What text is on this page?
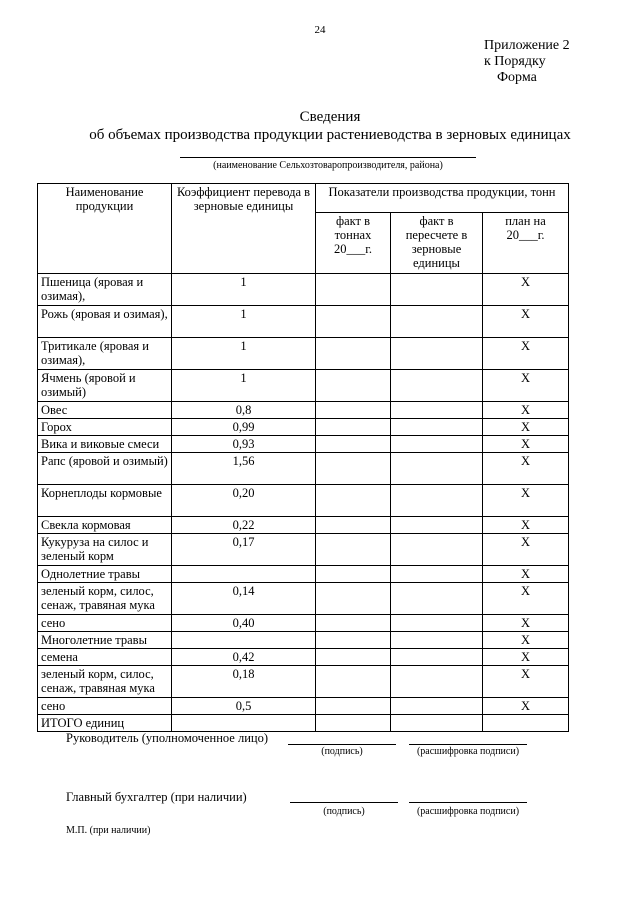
24
Приложение 2
к Порядку
Форма
Сведения
об объемах производства продукции растениеводства в зерновых единицах
(наименование Сельхозтоваропроизводителя, района)
Наименование продукции	Коэффициент перевода в зерновые единицы	Показатели производства продукции, тонн		
		факт в тоннах 20___г.	факт в пересчете в зерновые единицы	план на 20___г.
Пшеница (яровая и озимая),	1			X
Рожь (яровая и озимая),	1			X
Тритикале (яровая и озимая),	1			X
Ячмень (яровой и озимый)	1			X
Овес	0,8			X
Горох	0,99			X
Вика и виковые смеси	0,93			X
Рапс (яровой и озимый)	1,56			X
Корнеплоды кормовые	0,20			X
Свекла кормовая	0,22			X
Кукуруза на силос и зеленый корм	0,17			X
Однолетние травы				X
зеленый корм, силос, сенаж, травяная мука	0,14			X
сено	0,40			X
Многолетние травы				X
семена	0,42			X
зеленый корм, силос, сенаж, травяная мука	0,18			X
сено	0,5			X
ИТОГО единиц				
Руководитель (уполномоченное лицо)
(подпись)	(расшифровка подписи)
Главный бухгалтер (при наличии)
(подпись)	(расшифровка подписи)
М.П. (при наличии)
